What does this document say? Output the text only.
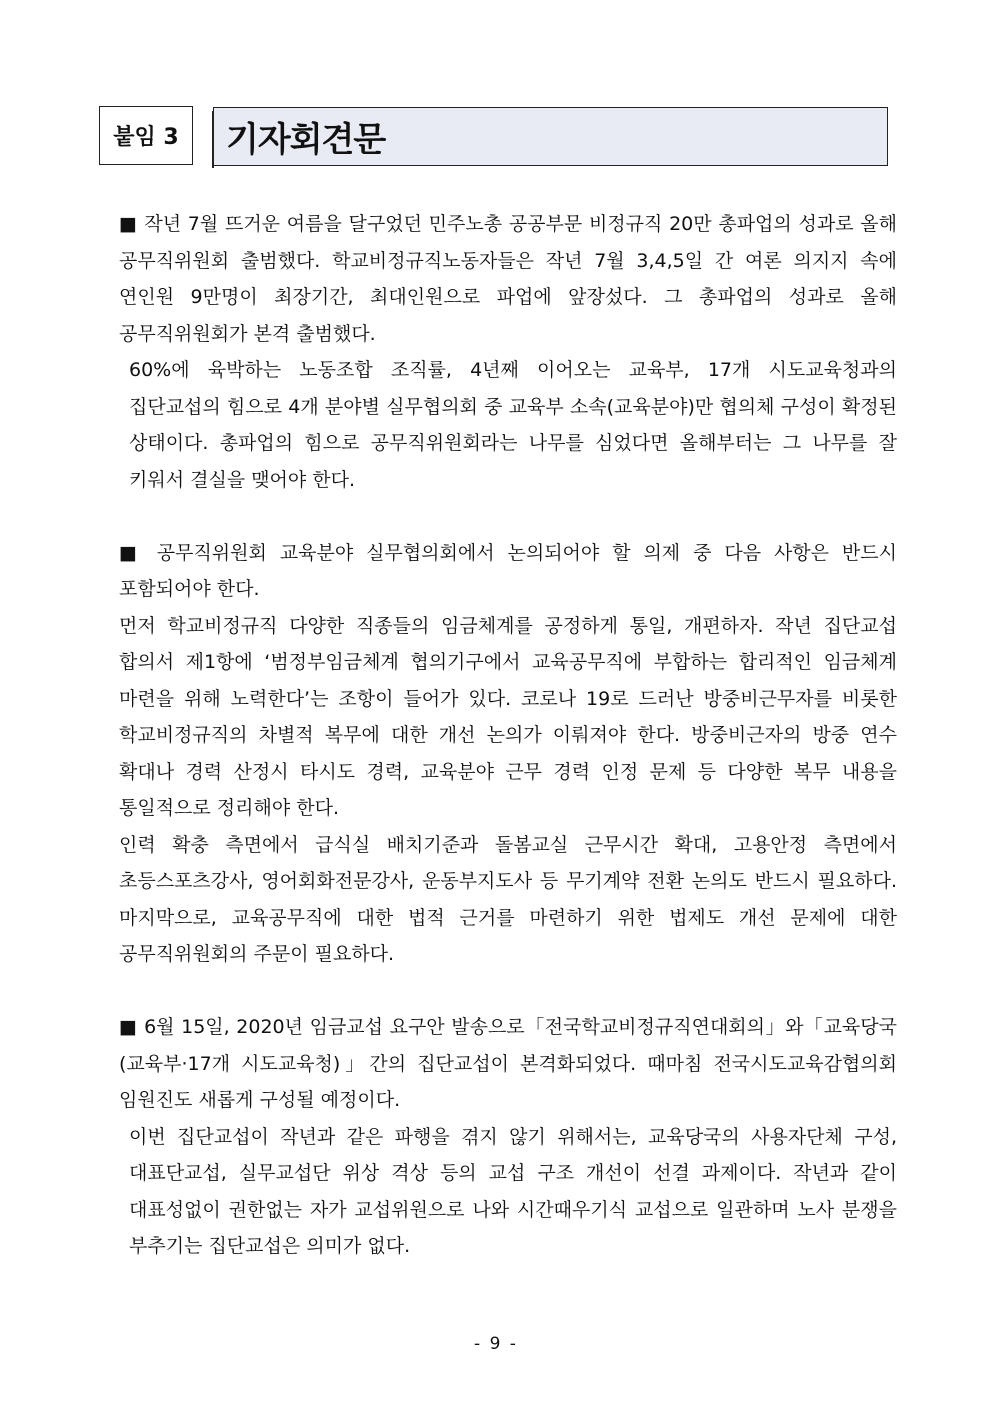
붙임 3 기자회견문

■ 작년 7월 뜨거운 여름을 달구었던 민주노총 공공부문 비정규직 20만 총파업의 성과로 올해 공무직위원회 출범했다. 학교비정규직노동자들은 작년 7월 3,4,5일 간 여론 의지지 속에 연인원 9만명이 최장기간, 최대인원으로 파업에 앞장섰다. 그 총파업의 성과로 올해 공무직위원회가 본격 출범했다.

60%에 육박하는 노동조합 조직률, 4년째 이어오는 교육부, 17개 시도교육청과의 집단교섭의 힘으로 4개 분야별 실무협의회 중 교육부 소속(교육분야)만 협의체 구성이 확정된 상태이다. 총파업의 힘으로 공무직위원회라는 나무를 심었다면 올해부터는 그 나무를 잘 키워서 결실을 맺어야 한다.

■ 공무직위원회 교육분야 실무협의회에서 논의되어야 할 의제 중 다음 사항은 반드시 포함되어야 한다.

먼저 학교비정규직 다양한 직종들의 임금체계를 공정하게 통일, 개편하자. 작년 집단교섭 합의서 제1항에 ‘범정부임금체계 협의기구에서 교육공무직에 부합하는 합리적인 임금체계 마련을 위해 노력한다’는 조항이 들어가 있다. 코로나 19로 드러난 방중비근무자를 비롯한 학교비정규직의 차별적 복무에 대한 개선 논의가 이뤄져야 한다. 방중비근자의 방중 연수 확대나 경력 산정시 타시도 경력, 교육분야 근무 경력 인정 문제 등 다양한 복무 내용을 통일적으로 정리해야 한다.

인력 확충 측면에서 급식실 배치기준과 돌봄교실 근무시간 확대, 고용안정 측면에서 초등스포츠강사, 영어회화전문강사, 운동부지도사 등 무기계약 전환 논의도 반드시 필요하다. 마지막으로, 교육공무직에 대한 법적 근거를 마련하기 위한 법제도 개선 문제에 대한 공무직위원회의 주문이 필요하다.

■ 6월 15일, 2020년 임금교섭 요구안 발송으로「전국학교비정규직연대회의」와「교육당국 (교육부·17개 시도교육청)」간의 집단교섭이 본격화되었다. 때마침 전국시도교육감협의회 임원진도 새롭게 구성될 예정이다.

이번 집단교섭이 작년과 같은 파행을 겪지 않기 위해서는, 교육당국의 사용자단체 구성, 대표단교섭, 실무교섭단 위상 격상 등의 교섭 구조 개선이 선결 과제이다. 작년과 같이 대표성없이 권한없는 자가 교섭위원으로 나와 시간때우기식 교섭으로 일관하며 노사 분쟁을 부추기는 집단교섭은 의미가 없다.

- 9 -
